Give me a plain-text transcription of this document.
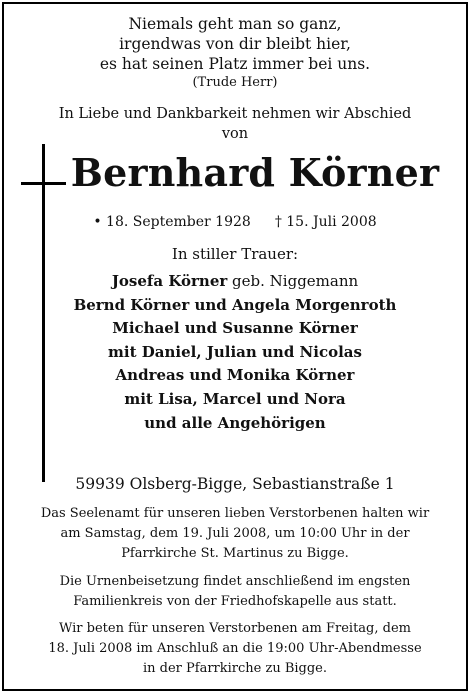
Niemals geht man so ganz,
irgendwas von dir bleibt hier,
es hat seinen Platz immer bei uns.
(Trude Herr)
In Liebe und Dankbarkeit nehmen wir Abschied
von
Bernhard Körner
• 18. September 1928 † 15. Juli 2008
In stiller Trauer:
Josefa Körner geb. Niggemann
Bernd Körner und Angela Morgenroth
Michael und Susanne Körner
mit Daniel, Julian und Nicolas
Andreas und Monika Körner
mit Lisa, Marcel und Nora
und alle Angehörigen
59939 Olsberg-Bigge, Sebastianstraße 1
Das Seelenamt für unseren lieben Verstorbenen halten wir
am Samstag, dem 19. Juli 2008, um 10:00 Uhr in der
Pfarrkirche St. Martinus zu Bigge.
Die Urnenbeisetzung findet anschließend im engsten
Familienkreis von der Friedhofskapelle aus statt.
Wir beten für unseren Verstorbenen am Freitag, dem
18. Juli 2008 im Anschluß an die 19:00 Uhr-Abendmesse
in der Pfarrkirche zu Bigge.
